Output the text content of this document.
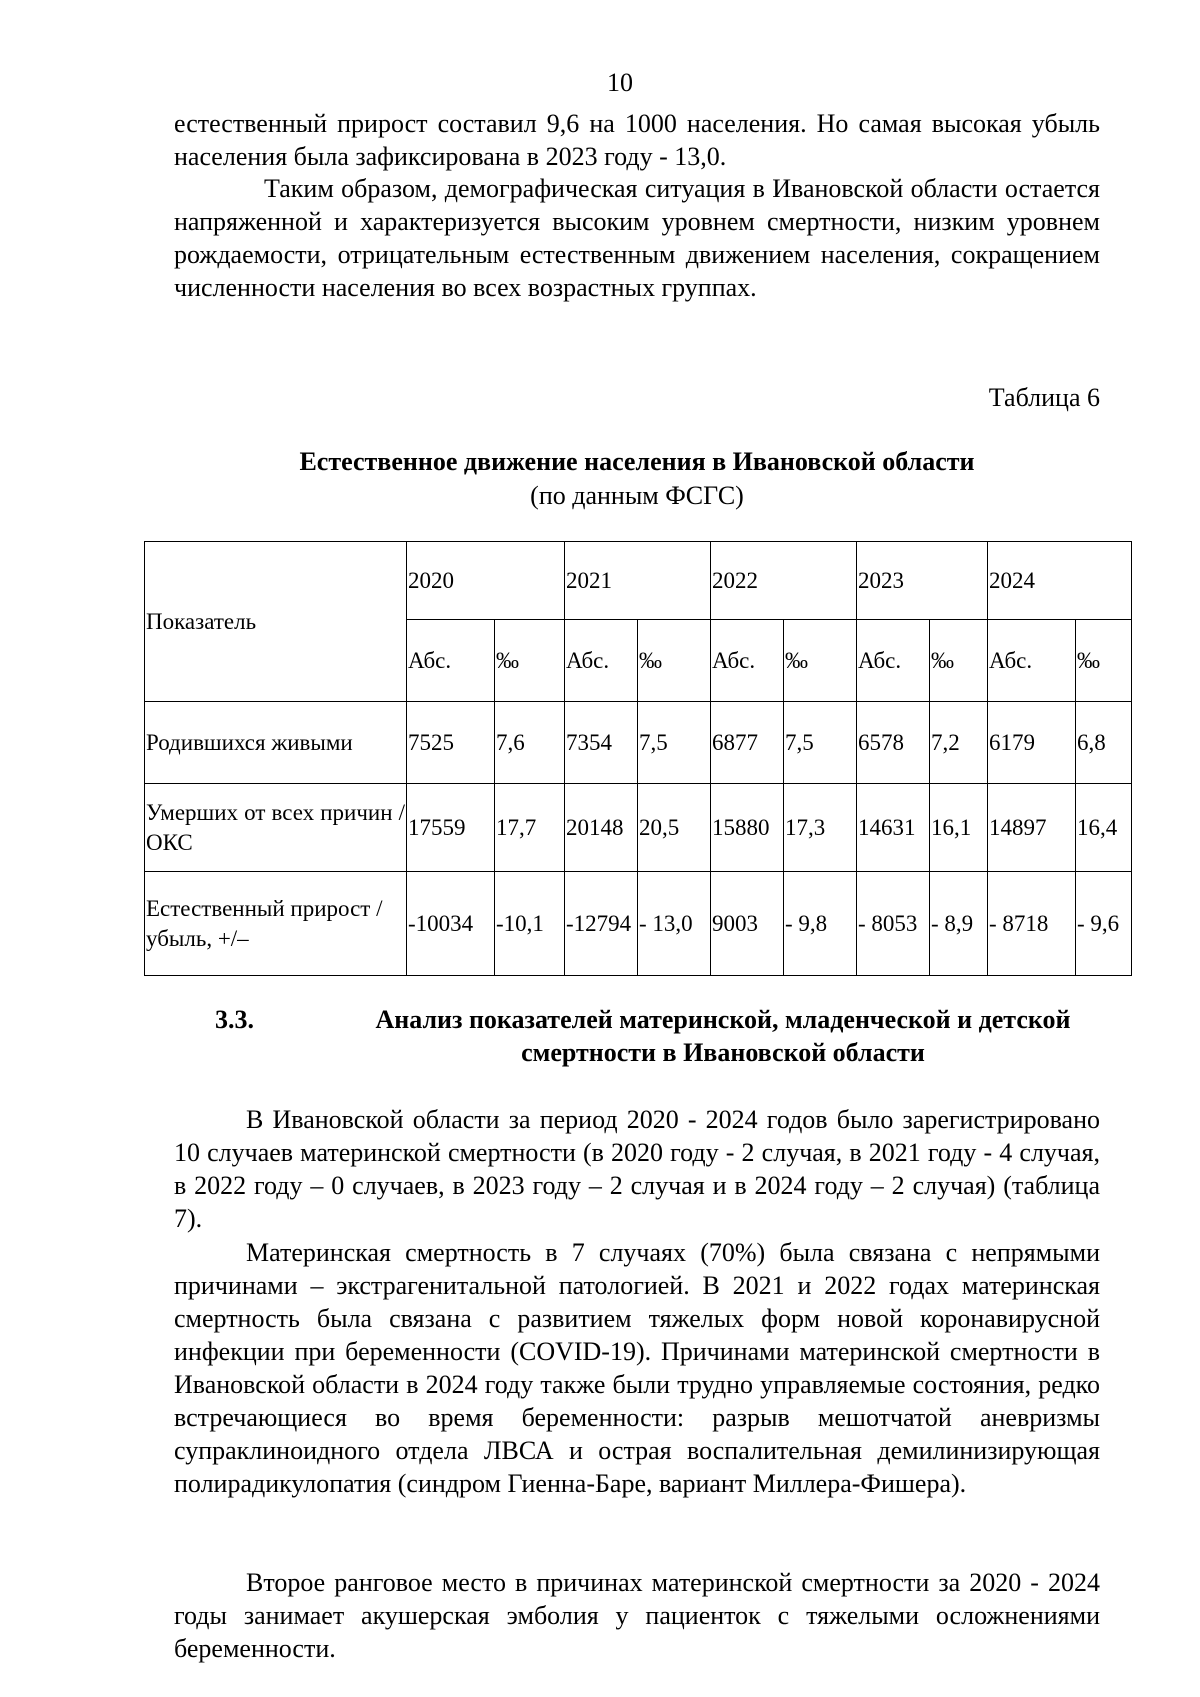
10

естественный прирост составил 9,6 на 1000 населения. Но самая высокая убыль населения была зафиксирована в 2023 году - 13,0.

Таким образом, демографическая ситуация в Ивановской области остается напряженной и характеризуется высоким уровнем смертности, низким уровнем рождаемости, отрицательным естественным движением населения, сокращением численности населения во всех возрастных группах.

Таблица 6
Естественное движение населения в Ивановской области
(по данным ФСГС)
Показатель	2020		2021		2022		2023		2024	
	Абс.	‰	Абс.	‰	Абс.	‰	Абс.	‰	Абс.	‰
Родившихся живыми	7525	7,6	7354	7,5	6877	7,5	6578	7,2	6179	6,8
Умерших от всех причин / ОКС	17559	17,7	20148	20,5	15880	17,3	14631	16,1	14897	16,4
Естественный прирост / убыль, +/–	-10034	-10,1	-12794	- 13,0	9003	- 9,8	- 8053	- 8,9	- 8718	- 9,6
3.3.	Анализ показателей материнской, младенческой и детской смертности в Ивановской области

В Ивановской области за период 2020 - 2024 годов было зарегистрировано 10 случаев материнской смертности (в 2020 году - 2 случая, в 2021 году - 4 случая, в 2022 году – 0 случаев, в 2023 году – 2 случая и в 2024 году – 2 случая) (таблица 7).

Материнская смертность в 7 случаях (70%) была связана с непрямыми причинами – экстрагенитальной патологией. В 2021 и 2022 годах материнская смертность была связана с развитием тяжелых форм новой коронавирусной инфекции при беременности (COVID-19). Причинами материнской смертности в Ивановской области в 2024 году также были трудно управляемые состояния, редко встречающиеся во время беременности: разрыв мешотчатой аневризмы супраклиноидного отдела ЛВСА и острая воспалительная демилинизирующая полирадикулопатия (синдром Гиенна-Баре, вариант Миллера-Фишера).

Второе ранговое место в причинах материнской смертности за 2020 - 2024 годы занимает акушерская эмболия у пациенток с тяжелыми осложнениями беременности.
